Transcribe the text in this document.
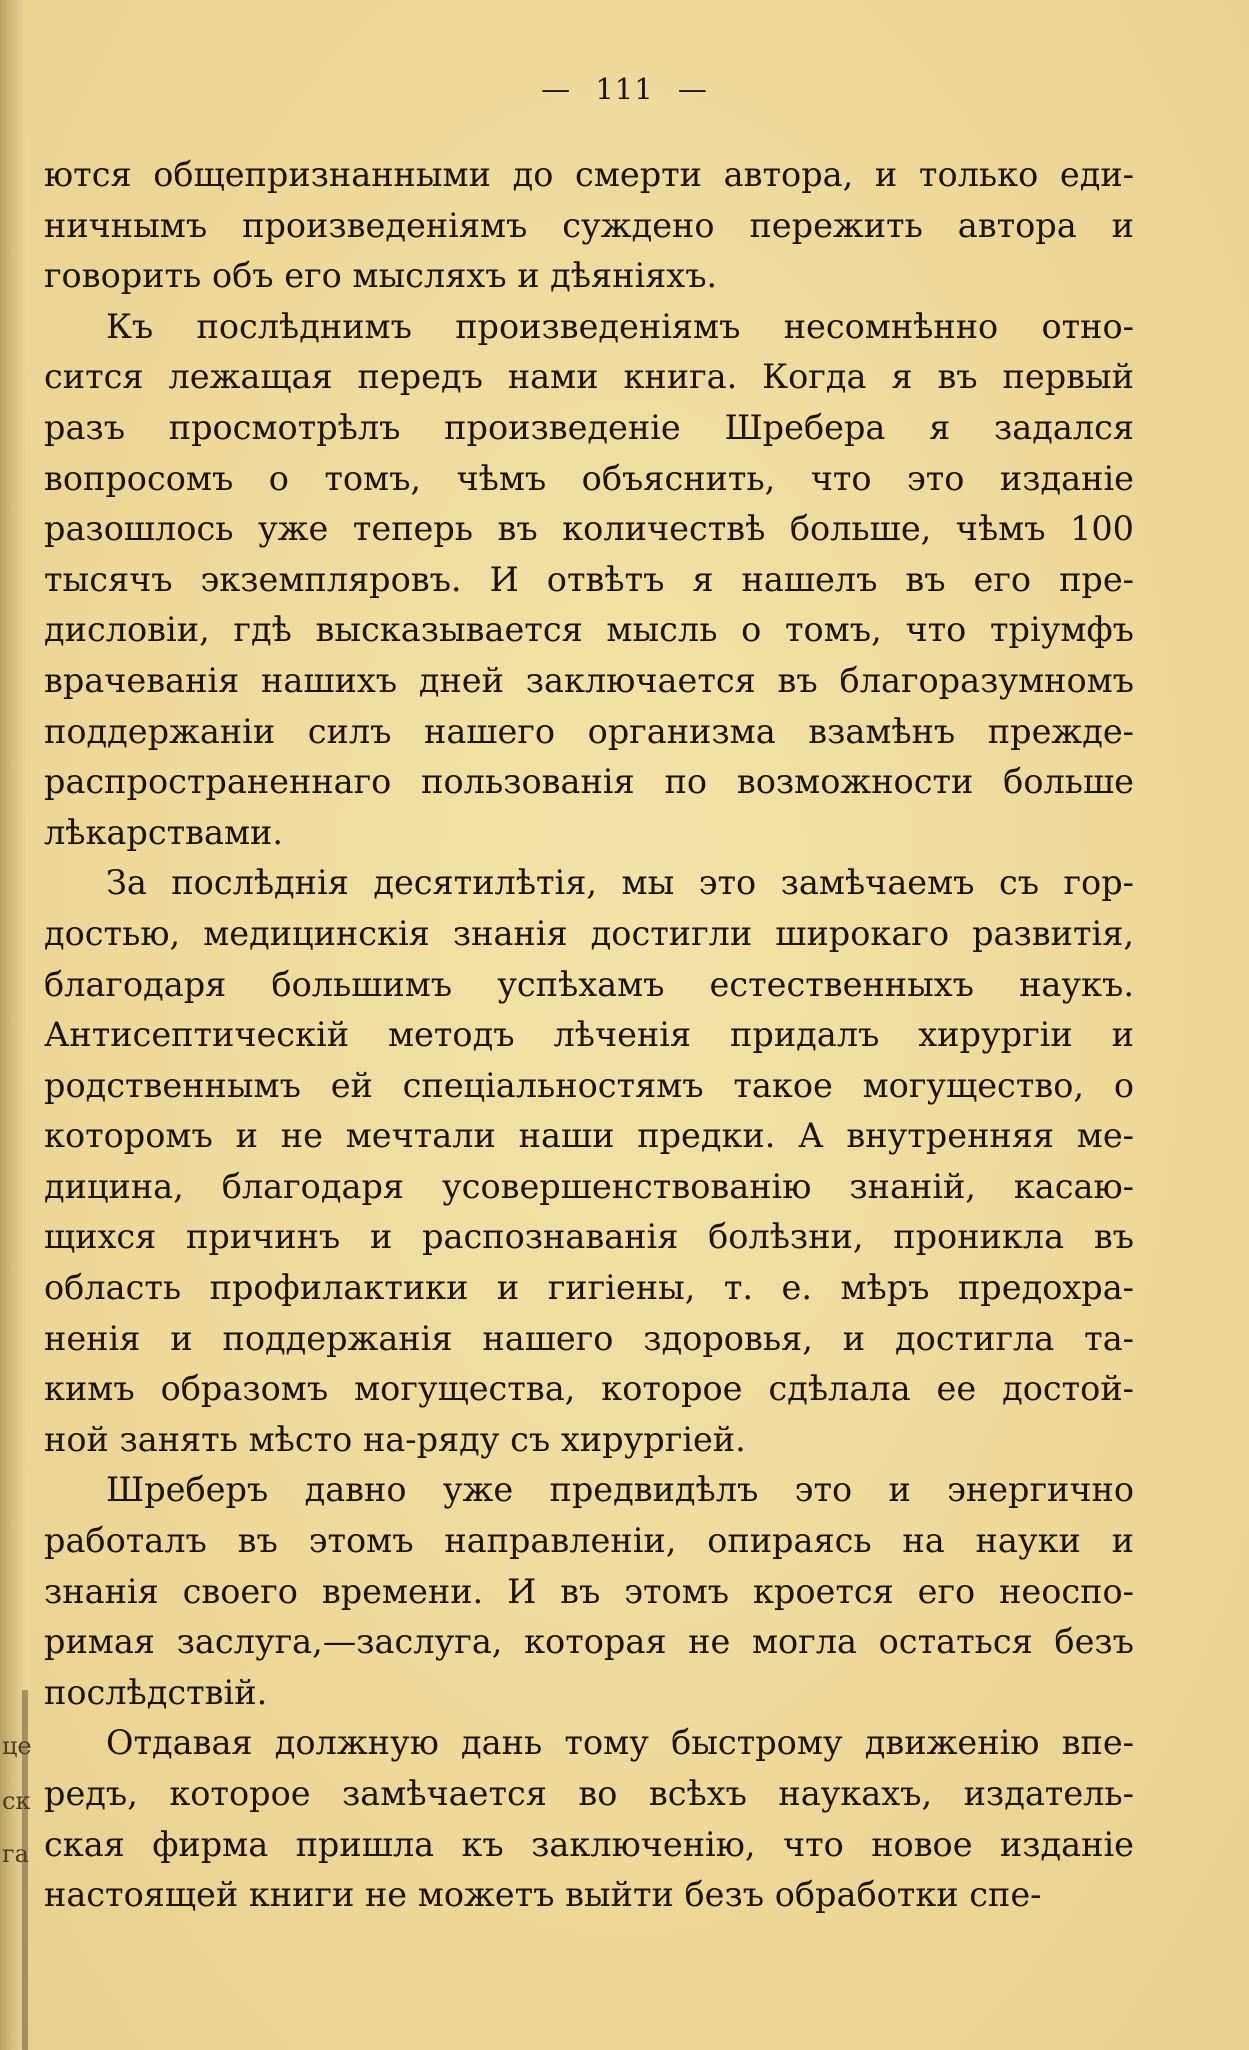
це
ск
га
— 111 —
ются общепризнанными до смерти автора, и только еди-
ничнымъ произведеніямъ суждено пережить автора и
говорить объ его мысляхъ и дѣяніяхъ.
Къ послѣднимъ произведеніямъ несомнѣнно отно-
сится лежащая передъ нами книга. Когда я въ первый
разъ просмотрѣлъ произведеніе Шребера я задался
вопросомъ о томъ, чѣмъ объяснить, что это изданіе
разошлось уже теперь въ количествѣ больше, чѣмъ 100
тысячъ экземпляровъ. И отвѣтъ я нашелъ въ его пре-
дисловіи, гдѣ высказывается мысль о томъ, что тріумфъ
врачеванія нашихъ дней заключается въ благоразумномъ
поддержаніи силъ нашего организма взамѣнъ прежде-
распространеннаго пользованія по возможности больше
лѣкарствами.
За послѣднія десятилѣтія, мы это замѣчаемъ съ гор-
достью, медицинскія знанія достигли широкаго развитія,
благодаря большимъ успѣхамъ естественныхъ наукъ.
Антисептическій методъ лѣченія придалъ хирургіи и
родственнымъ ей спеціальностямъ такое могущество, о
которомъ и не мечтали наши предки. А внутренняя ме-
дицина, благодаря усовершенствованію знаній, касаю-
щихся причинъ и распознаванія болѣзни, проникла въ
область профилактики и гигіены, т. е. мѣръ предохра-
ненія и поддержанія нашего здоровья, и достигла та-
кимъ образомъ могущества, которое сдѣлала ее достой-
ной занять мѣсто на-ряду съ хирургіей.
Шреберъ давно уже предвидѣлъ это и энергично
работалъ въ этомъ направленіи, опираясь на науки и
знанія своего времени. И въ этомъ кроется его неоспо-
римая заслуга,—заслуга, которая не могла остаться безъ
послѣдствій.
Отдавая должную дань тому быстрому движенію впе-
редъ, которое замѣчается во всѣхъ наукахъ, издатель-
ская фирма пришла къ заключенію, что новое изданіе
настоящей книги не можетъ выйти безъ обработки спе-
